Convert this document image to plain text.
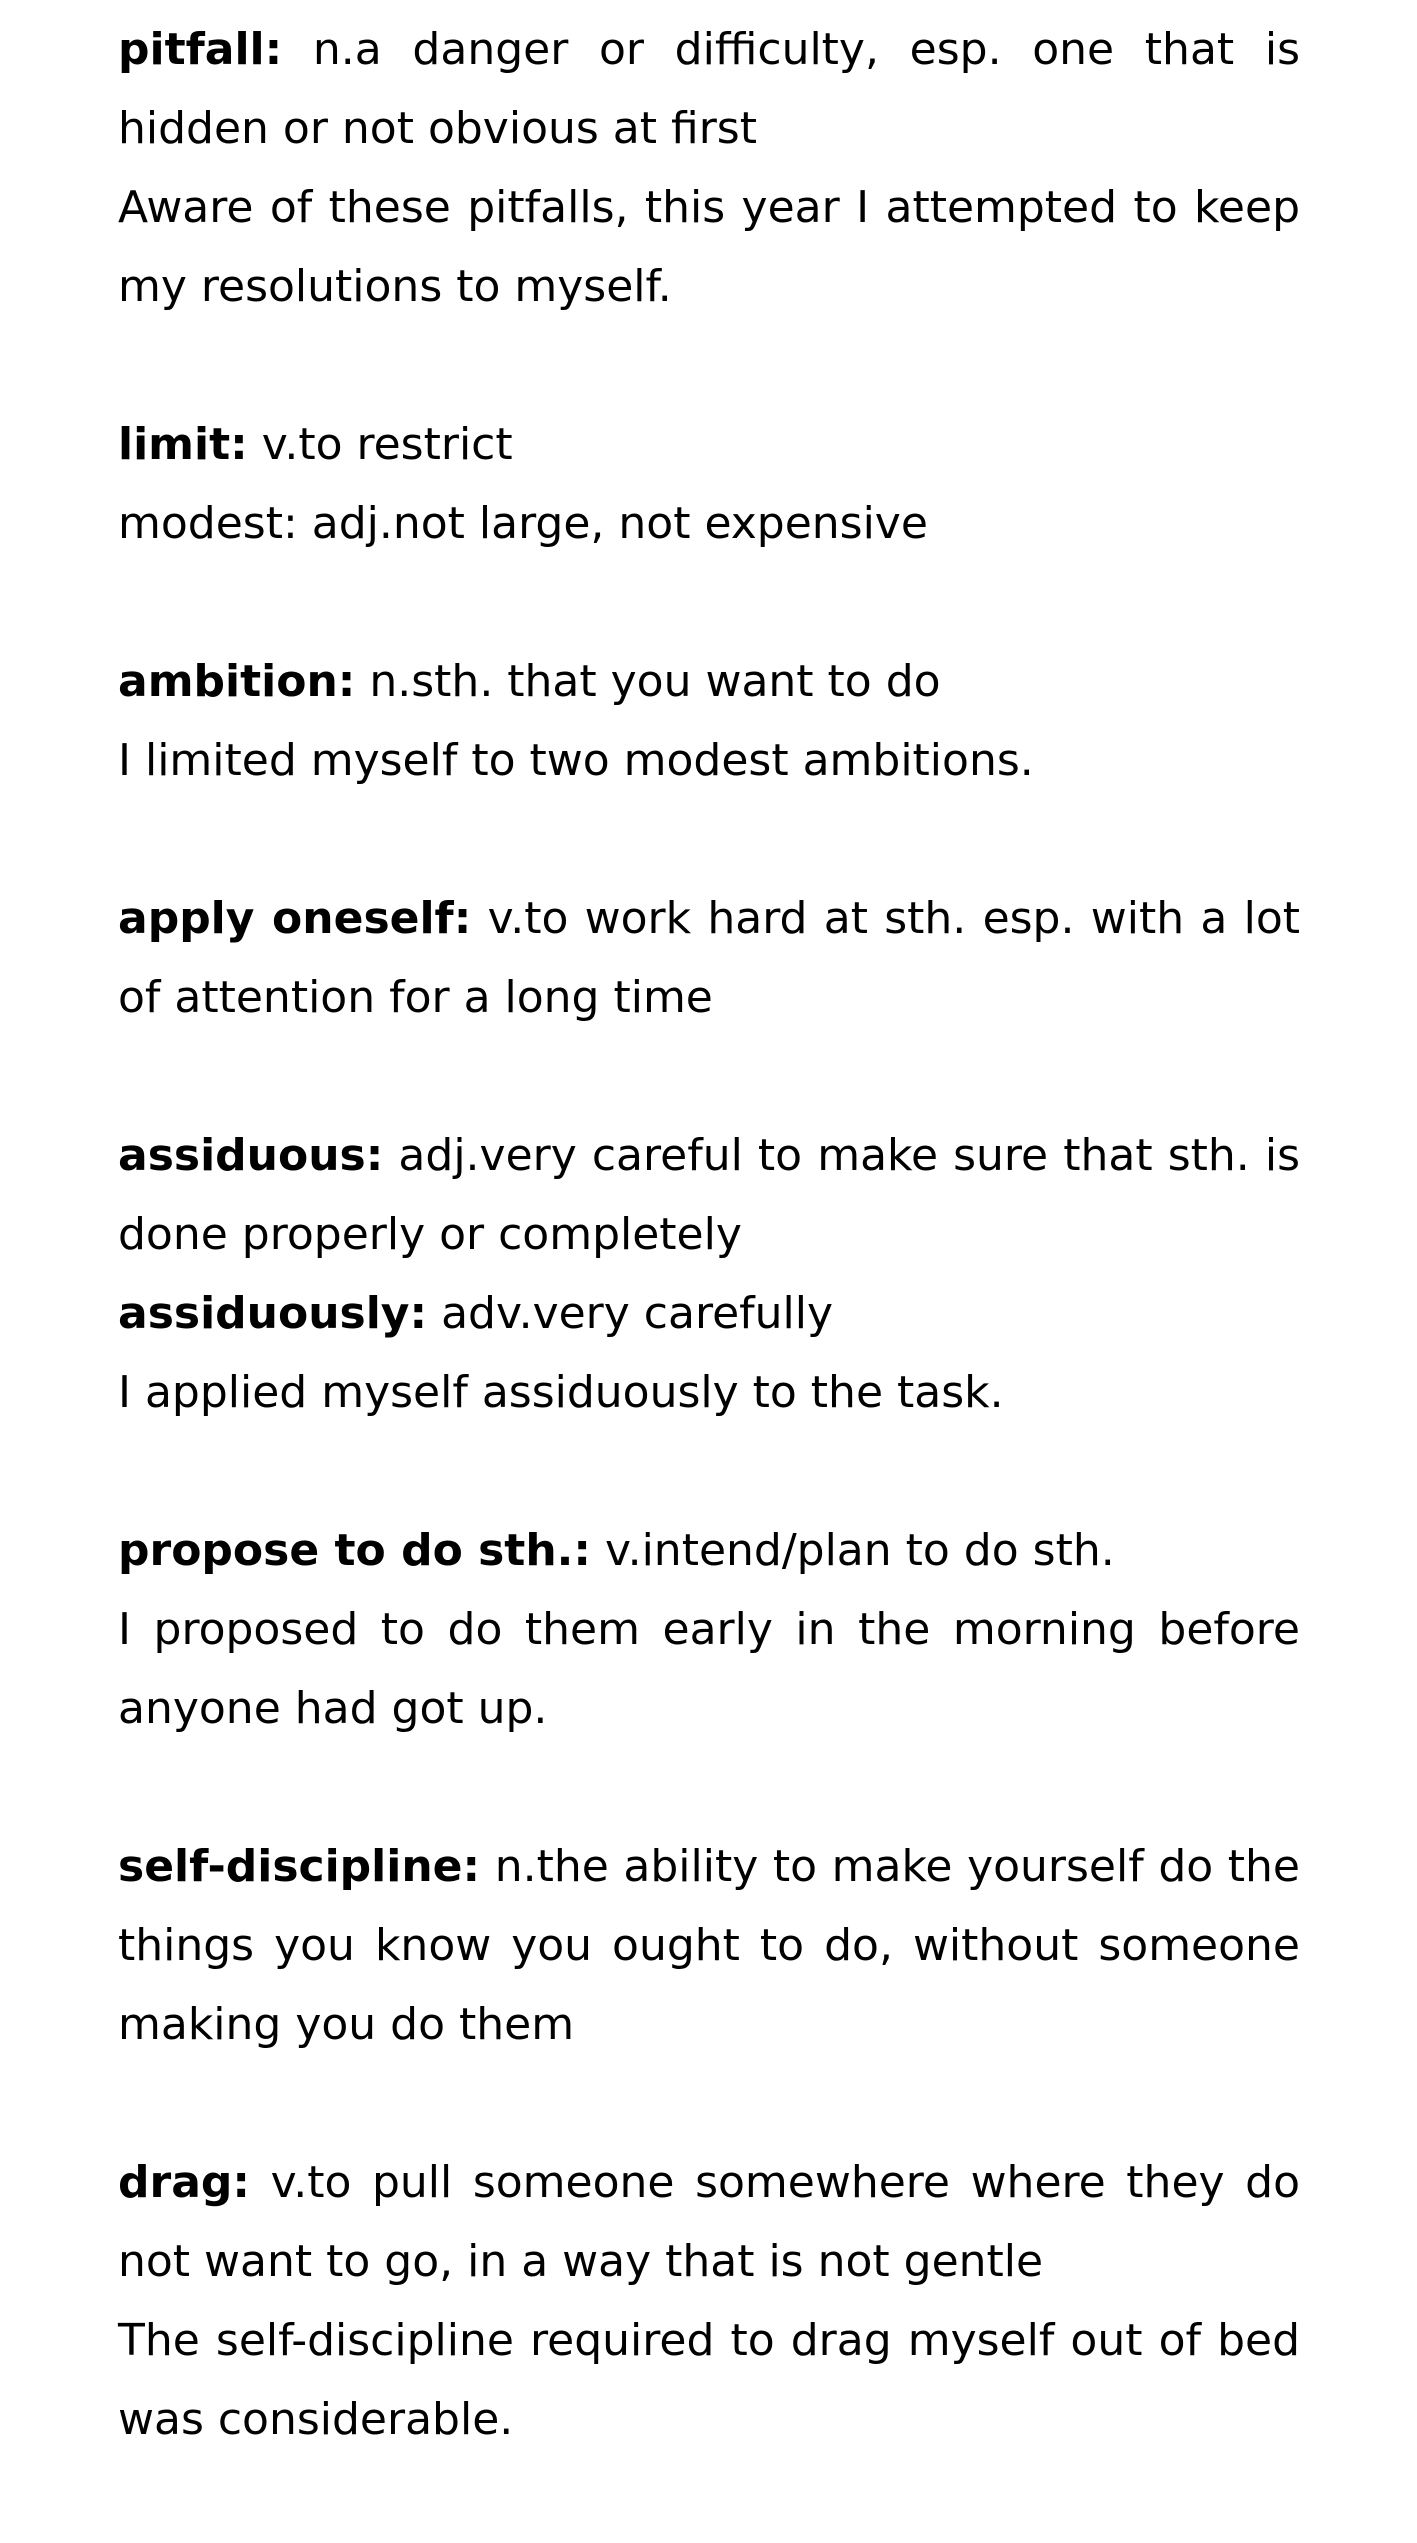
pitfall: n.a danger or difficulty, esp. one that is hidden or not obvious at first

Aware of these pitfalls, this year I attempted to keep my resolutions to myself.

limit: v.to restrict

modest: adj.not large, not expensive

ambition: n.sth. that you want to do

I limited myself to two modest ambitions.

apply oneself: v.to work hard at sth. esp. with a lot of attention for a long time

assiduous: adj.very careful to make sure that sth. is done properly or completely

assiduously: adv.very carefully

I applied myself assiduously to the task.

propose to do sth.: v.intend/plan to do sth.

I proposed to do them early in the morning before anyone had got up.

self-discipline: n.the ability to make yourself do the things you know you ought to do, without someone making you do them

drag: v.to pull someone somewhere where they do not want to go, in a way that is not gentle

The self-discipline required to drag myself out of bed was considerable.
